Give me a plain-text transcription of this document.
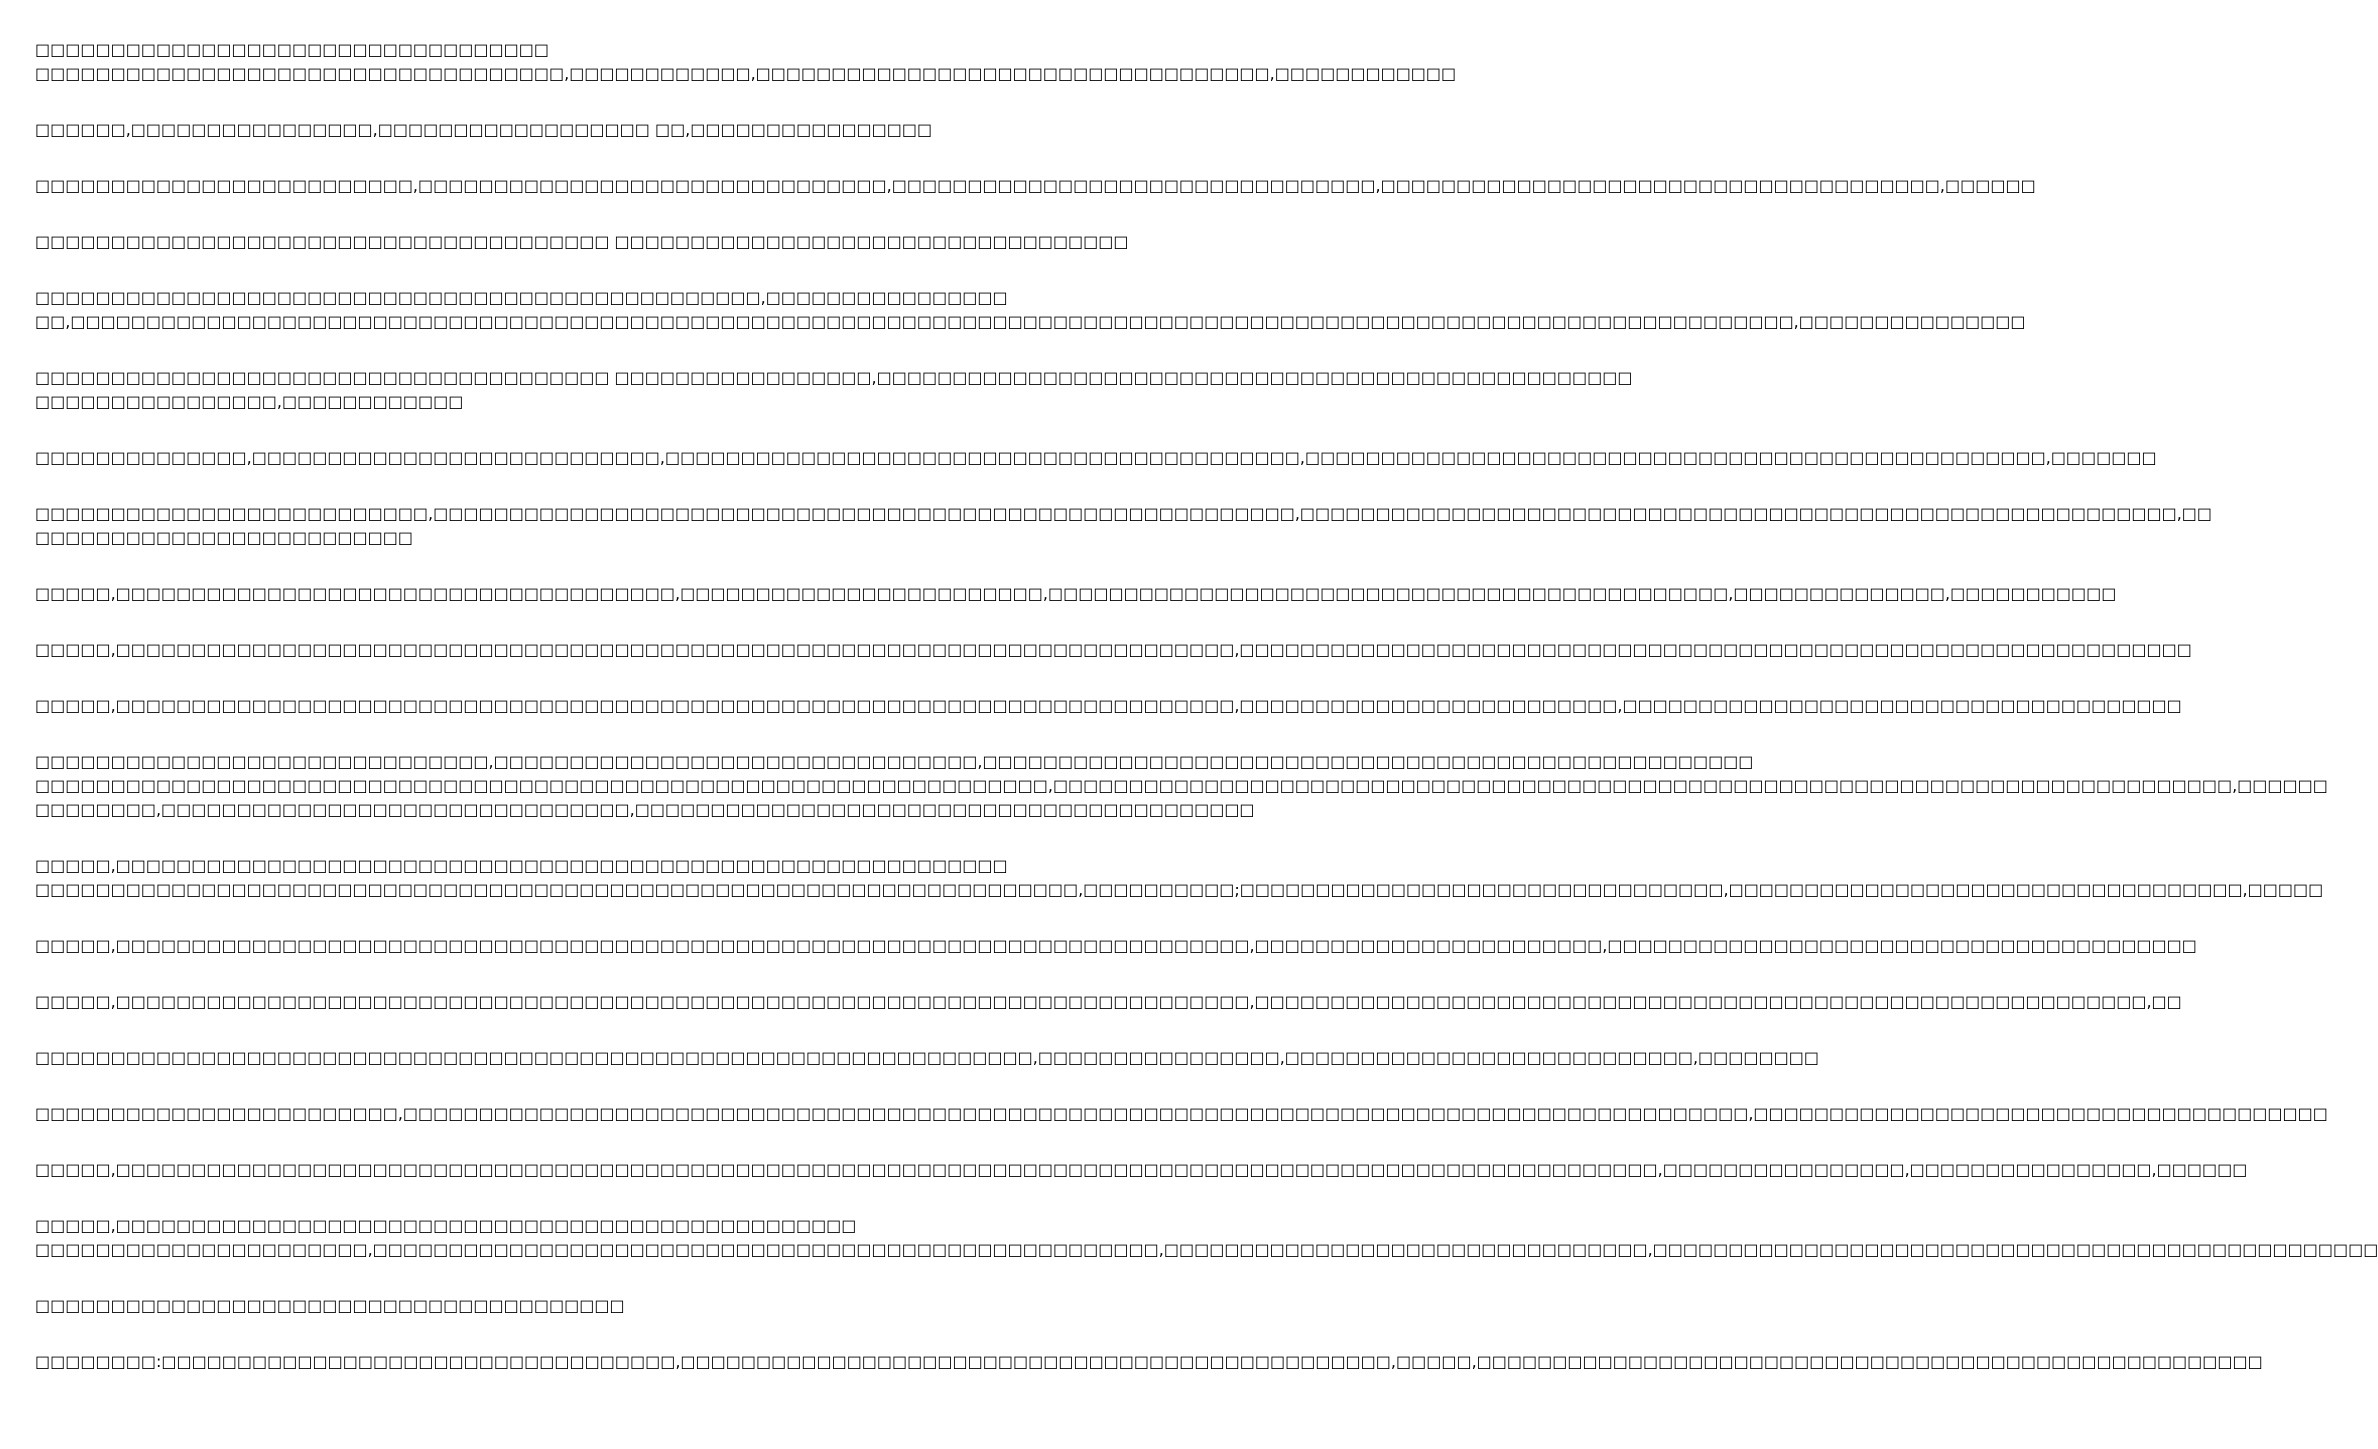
□□□□□□□□□□□□□□□□□□□□□□□□□□□□□□□□□□
□□□□□□□□□□□□□□□□□□□□□□□□□□□□□□□□□□□,□□□□□□□□□□□□,□□□□□□□□□□□□□□□□□□□□□□□□□□□□□□□□□□,□□□□□□□□□□□□
□□□□□□,□□□□□□□□□□□□□□□□,□□□□□□□□□□□□□□□□□□ □□,□□□□□□□□□□□□□□□□
□□□□□□□□□□□□□□□□□□□□□□□□□,□□□□□□□□□□□□□□□□□□□□□□□□□□□□□□□,□□□□□□□□□□□□□□□□□□□□□□□□□□□□□□□□,□□□□□□□□□□□□□□□□□□□□□□□□□□□□□□□□□□□□□,□□□□□□
□□□□□□□□□□□□□□□□□□□□□□□□□□□□□□□□□□□□□□ □□□□□□□□□□□□□□□□□□□□□□□□□□□□□□□□□□
□□□□□□□□□□□□□□□□□□□□□□□□□□□□□□□□□□□□□□□□□□□□□□□□,□□□□□□□□□□□□□□□□
□□,□□□□□□□□□□□□□□□□□□□□□□□□□□□□□□□□□□□□□□□□□□□□□□□□□□□□□□□□□□□□□□□□□□□□□□□□□□□□□□□□□□□□□□□□□□□□□□□□□□□□□□□□□□□□□□□□□□,□□□□□□□□□□□□□□□
□□□□□□□□□□□□□□□□□□□□□□□□□□□□□□□□□□□□□□ □□□□□□□□□□□□□□□□□,□□□□□□□□□□□□□□□□□□□□□□□□□□□□□□□□□□□□□□□□□□□□□□□□□□
□□□□□□□□□□□□□□□□,□□□□□□□□□□□□
□□□□□□□□□□□□□□,□□□□□□□□□□□□□□□□□□□□□□□□□□□,□□□□□□□□□□□□□□□□□□□□□□□□□□□□□□□□□□□□□□□□□□,□□□□□□□□□□□□□□□□□□□□□□□□□□□□□□□□□□□□□□□□□□□□□□□□□,□□□□□□□
□□□□□□□□□□□□□□□□□□□□□□□□□□,□□□□□□□□□□□□□□□□□□□□□□□□□□□□□□□□□□□□□□□□□□□□□□□□□□□□□□□□□,□□□□□□□□□□□□□□□□□□□□□□□□□□□□□□□□□□□□□□□□□□□□□□□□□□□□□□□□□□,□□
□□□□□□□□□□□□□□□□□□□□□□□□□
□□□□□,□□□□□□□□□□□□□□□□□□□□□□□□□□□□□□□□□□□□□,□□□□□□□□□□□□□□□□□□□□□□□□,□□□□□□□□□□□□□□□□□□□□□□□□□□□□□□□□□□□□□□□□□□□□□,□□□□□□□□□□□□□□,□□□□□□□□□□□
□□□□□,□□□□□□□□□□□□□□□□□□□□□□□□□□□□□□□□□□□□□□□□□□□□□□□□□□□□□□□□□□□□□□□□□□□□□□□□□□,□□□□□□□□□□□□□□□□□□□□□□□□□□□□□□□□□□□□□□□□□□□□□□□□□□□□□□□□□□□□□□□
□□□□□,□□□□□□□□□□□□□□□□□□□□□□□□□□□□□□□□□□□□□□□□□□□□□□□□□□□□□□□□□□□□□□□□□□□□□□□□□□,□□□□□□□□□□□□□□□□□□□□□□□□□,□□□□□□□□□□□□□□□□□□□□□□□□□□□□□□□□□□□□□
□□□□□□□□□□□□□□□□□□□□□□□□□□□□□□,□□□□□□□□□□□□□□□□□□□□□□□□□□□□□□□□,□□□□□□□□□□□□□□□□□□□□□□□□□□□□□□□□□□□□□□□□□□□□□□□□□□□
□□□□□□□□□□□□□□□□□□□□□□□□□□□□□□□□□□□□□□□□□□□□□□□□□□□□□□□□□□□□□□□□□□□,□□□□□□□□□□□□□□□□□□□□□□□□□□□□□□□□□□□□□□□□□□□□□□□□□□□□□□□□□□□□□□□□□□□□□□□□□□□□□□,□□□□□□
□□□□□□□□,□□□□□□□□□□□□□□□□□□□□□□□□□□□□□□□,□□□□□□□□□□□□□□□□□□□□□□□□□□□□□□□□□□□□□□□□□
□□□□□,□□□□□□□□□□□□□□□□□□□□□□□□□□□□□□□□□□□□□□□□□□□□□□□□□□□□□□□□□□□
□□□□□□□□□□□□□□□□□□□□□□□□□□□□□□□□□□□□□□□□□□□□□□□□□□□□□□□□□□□□□□□□□□□□□,□□□□□□□□□□;□□□□□□□□□□□□□□□□□□□□□□□□□□□□□□□□,□□□□□□□□□□□□□□□□□□□□□□□□□□□□□□□□□□,□□□□□
□□□□□,□□□□□□□□□□□□□□□□□□□□□□□□□□□□□□□□□□□□□□□□□□□□□□□□□□□□□□□□□□□□□□□□□□□□□□□□□□□,□□□□□□□□□□□□□□□□□□□□□□□,□□□□□□□□□□□□□□□□□□□□□□□□□□□□□□□□□□□□□□□
□□□□□,□□□□□□□□□□□□□□□□□□□□□□□□□□□□□□□□□□□□□□□□□□□□□□□□□□□□□□□□□□□□□□□□□□□□□□□□□□□,□□□□□□□□□□□□□□□□□□□□□□□□□□□□□□□□□□□□□□□□□□□□□□□□□□□□□□□□□□□,□□
□□□□□□□□□□□□□□□□□□□□□□□□□□□□□□□□□□□□□□□□□□□□□□□□□□□□□□□□□□□□□□□□□□,□□□□□□□□□□□□□□□□,□□□□□□□□□□□□□□□□□□□□□□□□□□□,□□□□□□□□
□□□□□□□□□□□□□□□□□□□□□□□□,□□□□□□□□□□□□□□□□□□□□□□□□□□□□□□□□□□□□□□□□□□□□□□□□□□□□□□□□□□□□□□□□□□□□□□□□□□□□□□□□□□□□□□□□□,□□□□□□□□□□□□□□□□□□□□□□□□□□□□□□□□□□□□□□
□□□□□,□□□□□□□□□□□□□□□□□□□□□□□□□□□□□□□□□□□□□□□□□□□□□□□□□□□□□□□□□□□□□□□□□□□□□□□□□□□□□□□□□□□□□□□□□□□□□□□□□□□□□□,□□□□□□□□□□□□□□□□,□□□□□□□□□□□□□□□□,□□□□□□
□□□□□,□□□□□□□□□□□□□□□□□□□□□□□□□□□□□□□□□□□□□□□□□□□□□□□□□
□□□□□□□□□□□□□□□□□□□□□□,□□□□□□□□□□□□□□□□□□□□□□□□□□□□□□□□□□□□□□□□□□□□□□□□□□□□,□□□□□□□□□□□□□□□□□□□□□□□□□□□□□□□□,□□□□□□□□□□□□□□□□□□□□□□□□□□□□□□□□□□□□□□□□□□□□□□□□
□□□□□□□□□□□□□□□□□□□□□□□□□□□□□□□□□□□□□□□
□□□□□□□□:□□□□□□□□□□□□□□□□□□□□□□□□□□□□□□□□□□,□□□□□□□□□□□□□□□□□□□□□□□□□□□□□□□□□□□□□□□□□□□□□□□,□□□□□,□□□□□□□□□□□□□□□□□□□□□□□□□□□□□□□□□□□□□□□□□□□□□□□□□□□□
